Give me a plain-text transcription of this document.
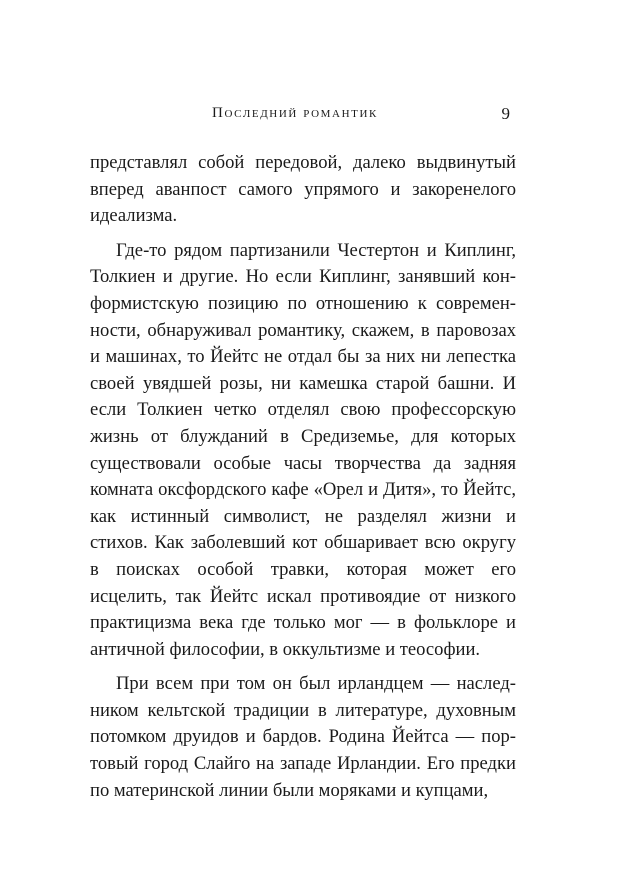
Последний романтик	9

представлял собой передовой, далеко выдвинутый вперед аванпост самого упрямого и закоренелого идеализма.

Где-то рядом партизанили Честертон и Киплинг, Толкиен и другие. Но если Киплинг, занявший конформистскую позицию по отношению к современности, обнаруживал романтику, скажем, в паровозах и машинах, то Йейтс не отдал бы за них ни лепестка своей увядшей розы, ни камешка старой башни. И если Толкиен четко отделял свою профессорскую жизнь от блужданий в Средиземье, для которых существовали особые часы творчества да задняя комната оксфордского кафе «Орел и Дитя», то Йейтс, как истинный символист, не разделял жизни и стихов. Как заболевший кот обшаривает всю округу в поисках особой травки, которая может его исцелить, так Йейтс искал противоядие от низкого практицизма века где только мог — в фольклоре и античной философии, в оккультизме и теософии.

При всем при том он был ирландцем — наследником кельтской традиции в литературе, духовным потомком друидов и бардов. Родина Йейтса — портовый город Слайго на западе Ирландии. Его предки по материнской линии были моряками и купцами,
